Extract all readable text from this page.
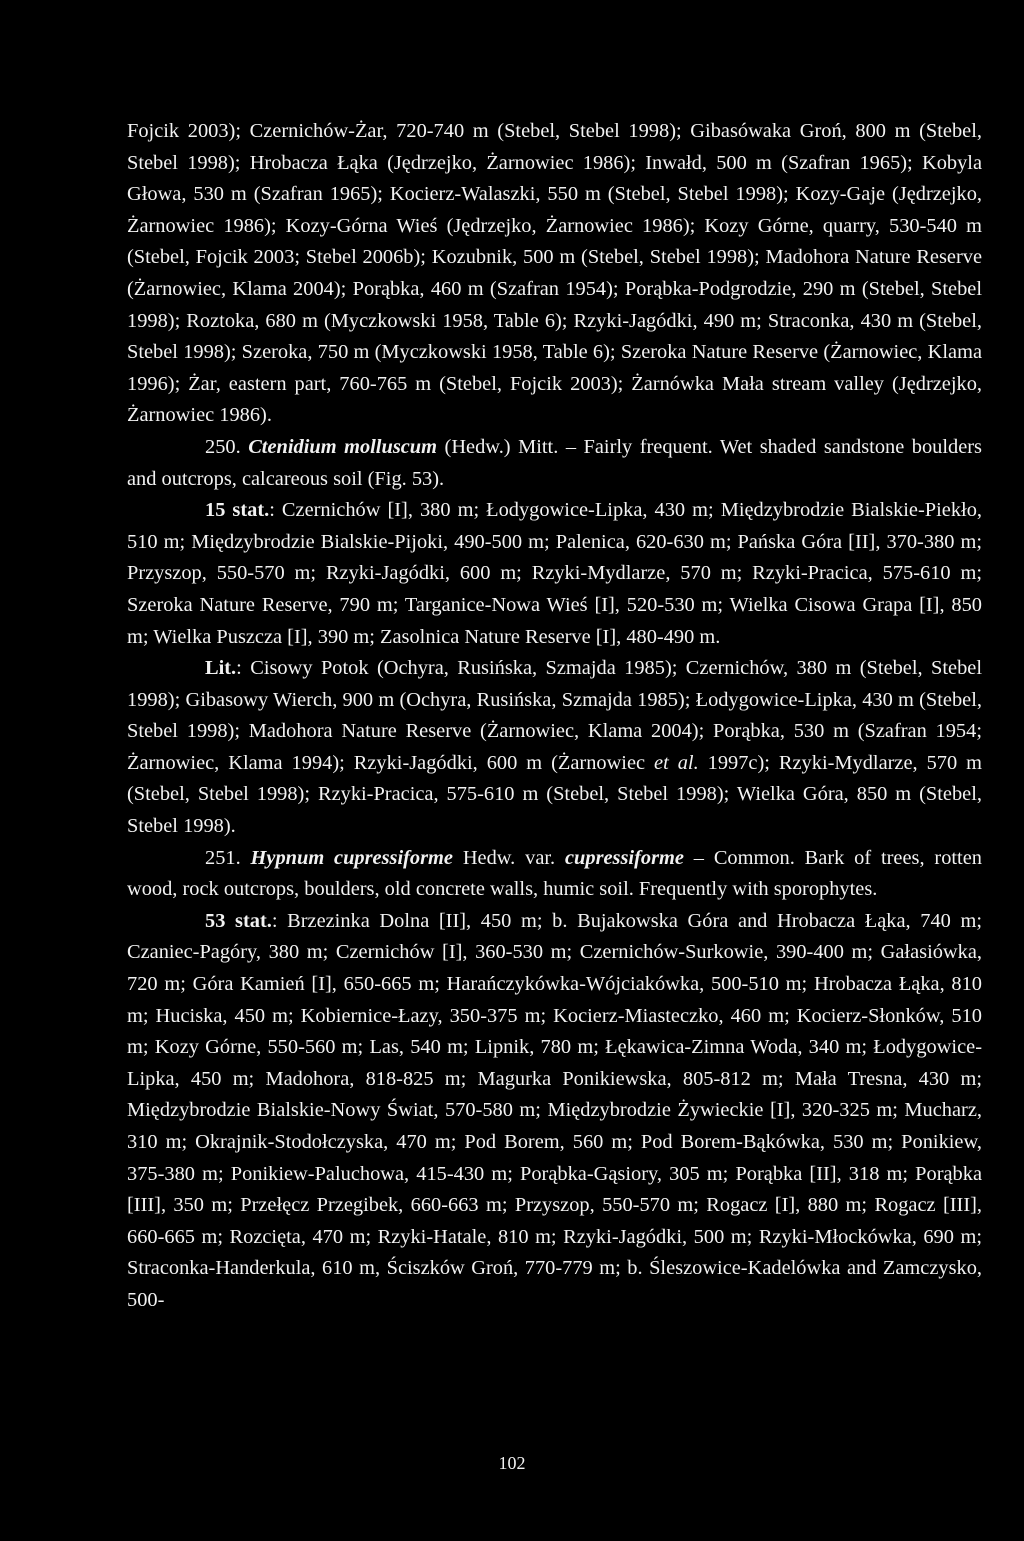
Fojcik 2003); Czernichów-Żar, 720-740 m (Stebel, Stebel 1998); Gibasówaka Groń, 800 m (Stebel, Stebel 1998); Hrobacza Łąka (Jędrzejko, Żarnowiec 1986); Inwałd, 500 m (Szafran 1965); Kobyla Głowa, 530 m (Szafran 1965); Kocierz-Walaszki, 550 m (Stebel, Stebel 1998); Kozy-Gaje (Jędrzejko, Żarnowiec 1986); Kozy-Górna Wieś (Jędrzejko, Żarnowiec 1986); Kozy Górne, quarry, 530-540 m (Stebel, Fojcik 2003; Stebel 2006b); Kozubnik, 500 m (Stebel, Stebel 1998); Madohora Nature Reserve (Żarnowiec, Klama 2004); Porąbka, 460 m (Szafran 1954); Porąbka-Podgrodzie, 290 m (Stebel, Stebel 1998); Roztoka, 680 m (Myczkowski 1958, Table 6); Rzyki-Jagódki, 490 m; Straconka, 430 m (Stebel, Stebel 1998); Szeroka, 750 m (Myczkowski 1958, Table 6); Szeroka Nature Reserve (Żarnowiec, Klama 1996); Żar, eastern part, 760-765 m (Stebel, Fojcik 2003); Żarnówka Mała stream valley (Jędrzejko, Żarnowiec 1986).

250. Ctenidium molluscum (Hedw.) Mitt. – Fairly frequent. Wet shaded sandstone boulders and outcrops, calcareous soil (Fig. 53).

15 stat.: Czernichów [I], 380 m; Łodygowice-Lipka, 430 m; Międzybrodzie Bialskie-Piekło, 510 m; Międzybrodzie Bialskie-Pijoki, 490-500 m; Palenica, 620-630 m; Pańska Góra [II], 370-380 m; Przyszop, 550-570 m; Rzyki-Jagódki, 600 m; Rzyki-Mydlarze, 570 m; Rzyki-Pracica, 575-610 m; Szeroka Nature Reserve, 790 m; Targanice-Nowa Wieś [I], 520-530 m; Wielka Cisowa Grapa [I], 850 m; Wielka Puszcza [I], 390 m; Zasolnica Nature Reserve [I], 480-490 m.

Lit.: Cisowy Potok (Ochyra, Rusińska, Szmajda 1985); Czernichów, 380 m (Stebel, Stebel 1998); Gibasowy Wierch, 900 m (Ochyra, Rusińska, Szmajda 1985); Łodygowice-Lipka, 430 m (Stebel, Stebel 1998); Madohora Nature Reserve (Żarnowiec, Klama 2004); Porąbka, 530 m (Szafran 1954; Żarnowiec, Klama 1994); Rzyki-Jagódki, 600 m (Żarnowiec et al. 1997c); Rzyki-Mydlarze, 570 m (Stebel, Stebel 1998); Rzyki-Pracica, 575-610 m (Stebel, Stebel 1998); Wielka Góra, 850 m (Stebel, Stebel 1998).

251. Hypnum cupressiforme Hedw. var. cupressiforme – Common. Bark of trees, rotten wood, rock outcrops, boulders, old concrete walls, humic soil. Frequently with sporophytes.

53 stat.: Brzezinka Dolna [II], 450 m; b. Bujakowska Góra and Hrobacza Łąka, 740 m; Czaniec-Pagóry, 380 m; Czernichów [I], 360-530 m; Czernichów-Surkowie, 390-400 m; Gałasiówka, 720 m; Góra Kamień [I], 650-665 m; Harańczykówka-Wójciakówka, 500-510 m; Hrobacza Łąka, 810 m; Huciska, 450 m; Kobiernice-Łazy, 350-375 m; Kocierz-Miasteczko, 460 m; Kocierz-Słonków, 510 m; Kozy Górne, 550-560 m; Las, 540 m; Lipnik, 780 m; Łękawica-Zimna Woda, 340 m; Łodygowice-Lipka, 450 m; Madohora, 818-825 m; Magurka Ponikiewska, 805-812 m; Mała Tresna, 430 m; Międzybrodzie Bialskie-Nowy Świat, 570-580 m; Międzybrodzie Żywieckie [I], 320-325 m; Mucharz, 310 m; Okrajnik-Stodołczyska, 470 m; Pod Borem, 560 m; Pod Borem-Bąkówka, 530 m; Ponikiew, 375-380 m; Ponikiew-Paluchowa, 415-430 m; Porąbka-Gąsiory, 305 m; Porąbka [II], 318 m; Porąbka [III], 350 m; Przełęcz Przegibek, 660-663 m; Przyszop, 550-570 m; Rogacz [I], 880 m; Rogacz [III], 660-665 m; Rozcięta, 470 m; Rzyki-Hatale, 810 m; Rzyki-Jagódki, 500 m; Rzyki-Młockówka, 690 m; Straconka-Handerkula, 610 m, Ściszków Groń, 770-779 m; b. Śleszowice-Kadelówka and Zamczysko, 500-

102
